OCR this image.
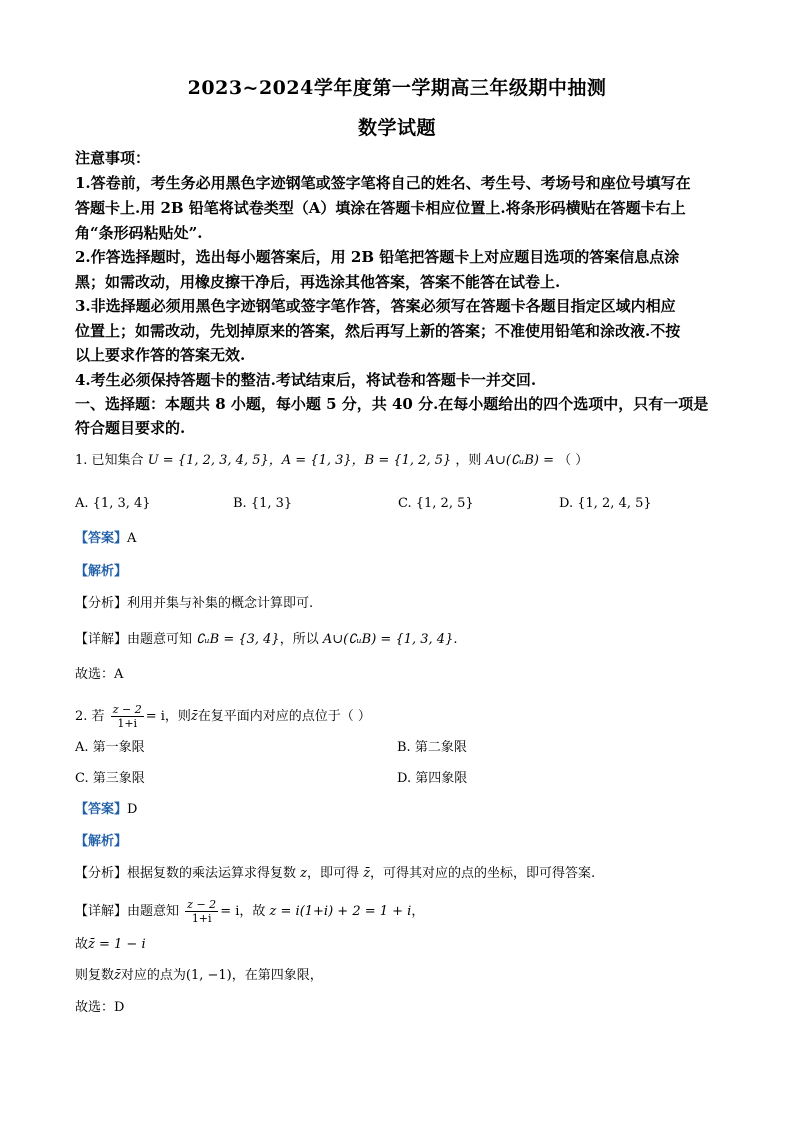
2023~2024学年度第一学期高三年级期中抽测
数学试题
注意事项：
1.答卷前，考生务必用黑色字迹钢笔或签字笔将自己的姓名、考生号、考场号和座位号填写在
答题卡上.用 2B 铅笔将试卷类型（A）填涂在答题卡相应位置上.将条形码横贴在答题卡右上
角“条形码粘贴处”.
2.作答选择题时，选出每小题答案后，用 2B 铅笔把答题卡上对应题目选项的答案信息点涂
黑；如需改动，用橡皮擦干净后，再选涂其他答案，答案不能答在试卷上.
3.非选择题必须用黑色字迹钢笔或签字笔作答，答案必须写在答题卡各题目指定区域内相应
位置上；如需改动，先划掉原来的答案，然后再写上新的答案；不准使用铅笔和涂改液.不按
以上要求作答的答案无效.
4.考生必须保持答题卡的整洁.考试结束后，将试卷和答题卡一并交回.
一、选择题：本题共 8 小题，每小题 5 分，共 40 分.在每小题给出的四个选项中，只有一项是
符合题目要求的.
1. 已知集合 U = {1, 2, 3, 4, 5}，A = {1, 3}，B = {1, 2, 5} ，则 A∪(∁ᵤB) = （ ）
A. {1, 3, 4}	B. {1, 3}	C. {1, 2, 5}	D. {1, 2, 4, 5}
【答案】A
【解析】
【分析】利用并集与补集的概念计算即可.
【详解】由题意可知 ∁ᵤB = {3, 4}，所以 A∪(∁ᵤB) = {1, 3, 4}.
故选：A
2. 若 $\frac{z - 2}{1+i} = i$，则z̄在复平面内对应的点位于（ ）
A. 第一象限	B. 第二象限
C. 第三象限	D. 第四象限
【答案】D
【解析】
【分析】根据复数的乘法运算求得复数 z，即可得 z̄，可得其对应的点的坐标，即可得答案.
【详解】由题意知 $\frac{z - 2}{1+i} = i$，故 z = i(1+i) + 2 = 1 + i，
故z̄ = 1 − i
则复数z̄对应的点为(1, −1)，在第四象限，
故选：D
